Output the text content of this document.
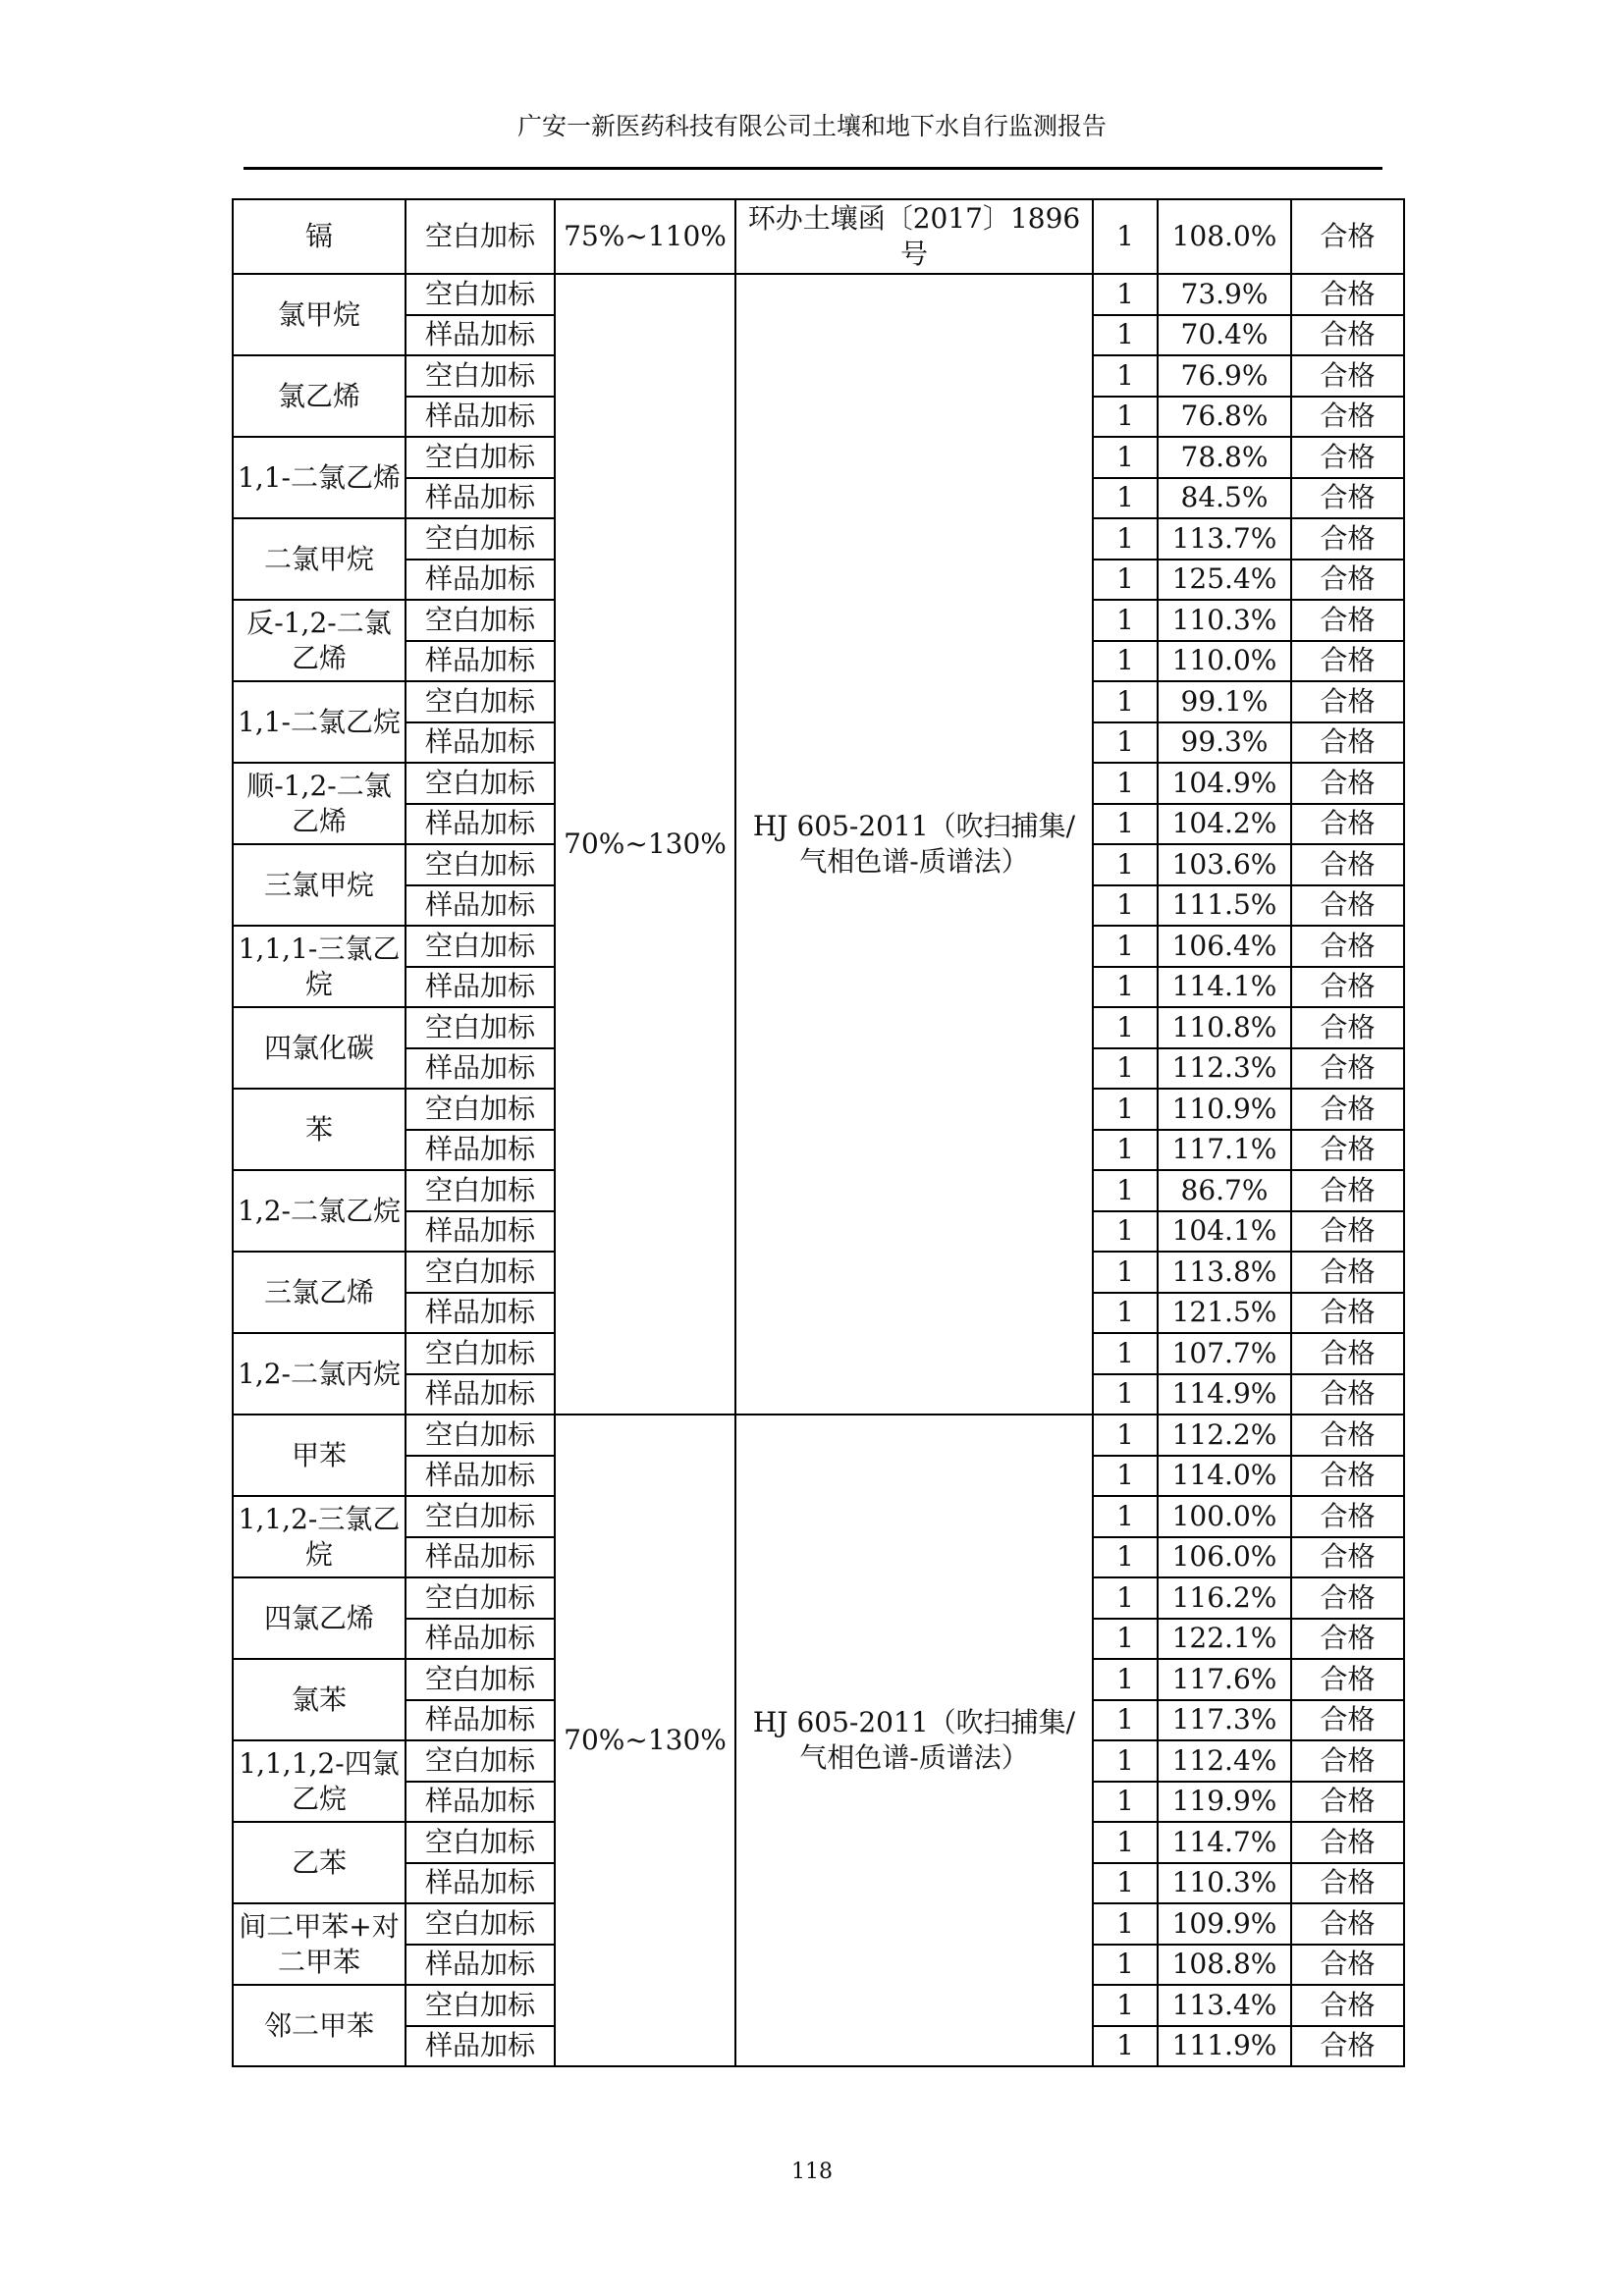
广安一新医药科技有限公司土壤和地下水自行监测报告
镉	空白加标	75%~110%	环办土壤函〔2017〕1896号	1	108.0%	合格
氯甲烷	空白加标	70%~130%	HJ 605-2011（吹扫捕集/气相色谱-质谱法）	1	73.9%	合格
	样品加标			1	70.4%	合格
氯乙烯	空白加标			1	76.9%	合格
	样品加标			1	76.8%	合格
1,1-二氯乙烯	空白加标			1	78.8%	合格
	样品加标			1	84.5%	合格
二氯甲烷	空白加标			1	113.7%	合格
	样品加标			1	125.4%	合格
反-1,2-二氯乙烯	空白加标			1	110.3%	合格
	样品加标			1	110.0%	合格
1,1-二氯乙烷	空白加标			1	99.1%	合格
	样品加标			1	99.3%	合格
顺-1,2-二氯乙烯	空白加标			1	104.9%	合格
	样品加标			1	104.2%	合格
三氯甲烷	空白加标			1	103.6%	合格
	样品加标			1	111.5%	合格
1,1,1-三氯乙烷	空白加标			1	106.4%	合格
	样品加标			1	114.1%	合格
四氯化碳	空白加标			1	110.8%	合格
	样品加标			1	112.3%	合格
苯	空白加标			1	110.9%	合格
	样品加标			1	117.1%	合格
1,2-二氯乙烷	空白加标			1	86.7%	合格
	样品加标			1	104.1%	合格
三氯乙烯	空白加标			1	113.8%	合格
	样品加标			1	121.5%	合格
1,2-二氯丙烷	空白加标			1	107.7%	合格
	样品加标			1	114.9%	合格
甲苯	空白加标	70%~130%	HJ 605-2011（吹扫捕集/气相色谱-质谱法）	1	112.2%	合格
	样品加标			1	114.0%	合格
1,1,2-三氯乙烷	空白加标			1	100.0%	合格
	样品加标			1	106.0%	合格
四氯乙烯	空白加标			1	116.2%	合格
	样品加标			1	122.1%	合格
氯苯	空白加标			1	117.6%	合格
	样品加标			1	117.3%	合格
1,1,1,2-四氯乙烷	空白加标			1	112.4%	合格
	样品加标			1	119.9%	合格
乙苯	空白加标			1	114.7%	合格
	样品加标			1	110.3%	合格
间二甲苯+对二甲苯	空白加标			1	109.9%	合格
	样品加标			1	108.8%	合格
邻二甲苯	空白加标			1	113.4%	合格
	样品加标			1	111.9%	合格
118
